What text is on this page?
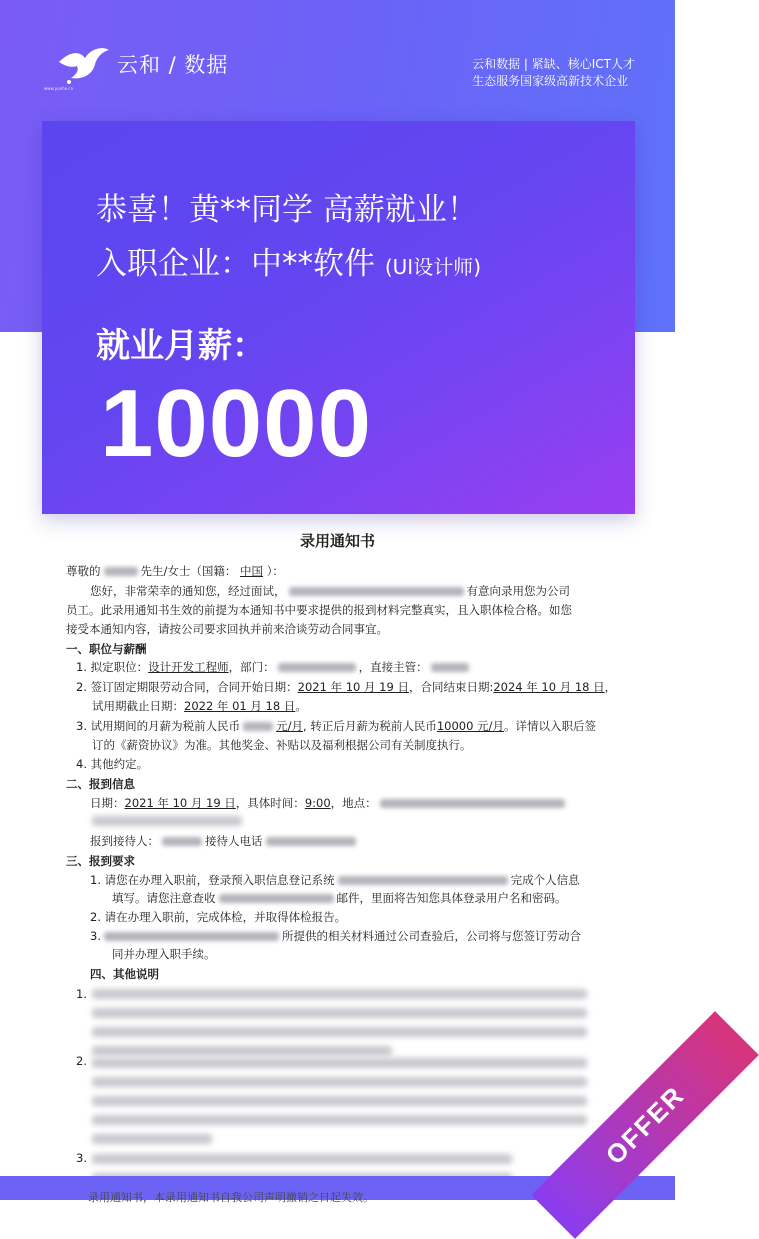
云和 / 数据
www.yunhe.cn
云和数据 | 紧缺、核心ICT人才
生态服务国家级高新技术企业
恭喜！黄**同学 高薪就业！
入职企业：中**软件 (UI设计师)
就业月薪：
10000
录用通知书
尊敬的	先生/女士（国籍： 中国 ）：
您好，非常荣幸的通知您，经过面试，	有意向录用您为公司
员工。此录用通知书生效的前提为本通知书中要求提供的报到材料完整真实，且入职体检合格。如您
接受本通知内容，请按公司要求回执并前来洽谈劳动合同事宜。
一、职位与薪酬
1. 拟定职位：设计开发工程师，部门：	，直接主管：
2. 签订固定期限劳动合同，合同开始日期：2021 年 10 月 19 日，合同结束日期:2024 年 10 月 18 日，
试用期截止日期：2022 年 01 月 18 日。
3. 试用期间的月薪为税前人民币	元/月, 转正后月薪为税前人民币10000 元/月。详情以入职后签
订的《薪资协议》为准。其他奖金、补贴以及福利根据公司有关制度执行。
4. 其他约定。
二、报到信息
日期：2021 年 10 月 19 日，具体时间：9:00，地点：
报到接待人：	接待人电话
三、报到要求
1. 请您在办理入职前，登录预入职信息登记系统	完成个人信息
填写。请您注意查收	邮件，里面将告知您具体登录用户名和密码。
2. 请在办理入职前，完成体检，并取得体检报告。
3.	所提供的相关材料通过公司查验后，公司将与您签订劳动合
同并办理入职手续。
四、其他说明
1.
2.
3.
录用通知书，本录用通知书自我公司声明撤销之日起失效。
OFFER
